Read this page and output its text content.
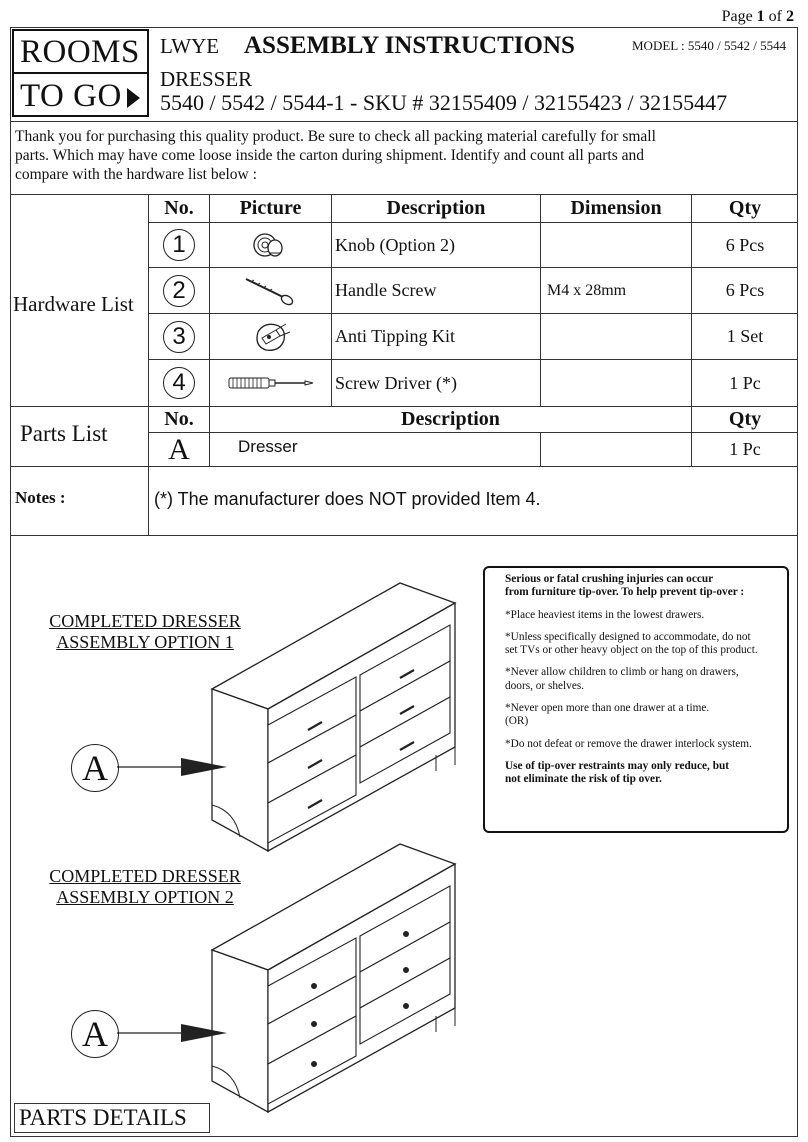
Page 1 of 2
ROOMS
TO GO
LWYE ASSEMBLY INSTRUCTIONS	MODEL : 5540 / 5542 / 5544
DRESSER
5540 / 5542 / 5544-1 - SKU # 32155409 / 32155423 / 32155447
Thank you for purchasing this quality product. Be sure to check all packing material carefully for small
parts. Which may have come loose inside the carton during shipment. Identify and count all parts and
compare with the hardware list below :
Hardware List
No.	Picture	Description	Dimension	Qty
1	Knob (Option 2)	6 Pcs
2	Handle Screw	M4 x 28mm	6 Pcs
3	Anti Tipping Kit	1 Set
4	Screw Driver (*)	1 Pc
Parts List
No.	Description	Qty
A	Dresser	1 Pc
Notes :	(*) The manufacturer does NOT provided Item 4.

Serious or fatal crushing injuries can occur
from furniture tip-over. To help prevent tip-over :

*Place heaviest items in the lowest drawers.

*Unless specifically designed to accommodate, do not
set TVs or other heavy object on the top of this product.

*Never allow children to climb or hang on drawers,
doors, or shelves.

*Never open more than one drawer at a time.
(OR)

*Do not defeat or remove the drawer interlock system.

Use of tip-over restraints may only reduce, but
not eliminate the risk of tip over.

COMPLETED DRESSER
ASSEMBLY OPTION 1
A
COMPLETED DRESSER
ASSEMBLY OPTION 2
A
PARTS DETAILS
